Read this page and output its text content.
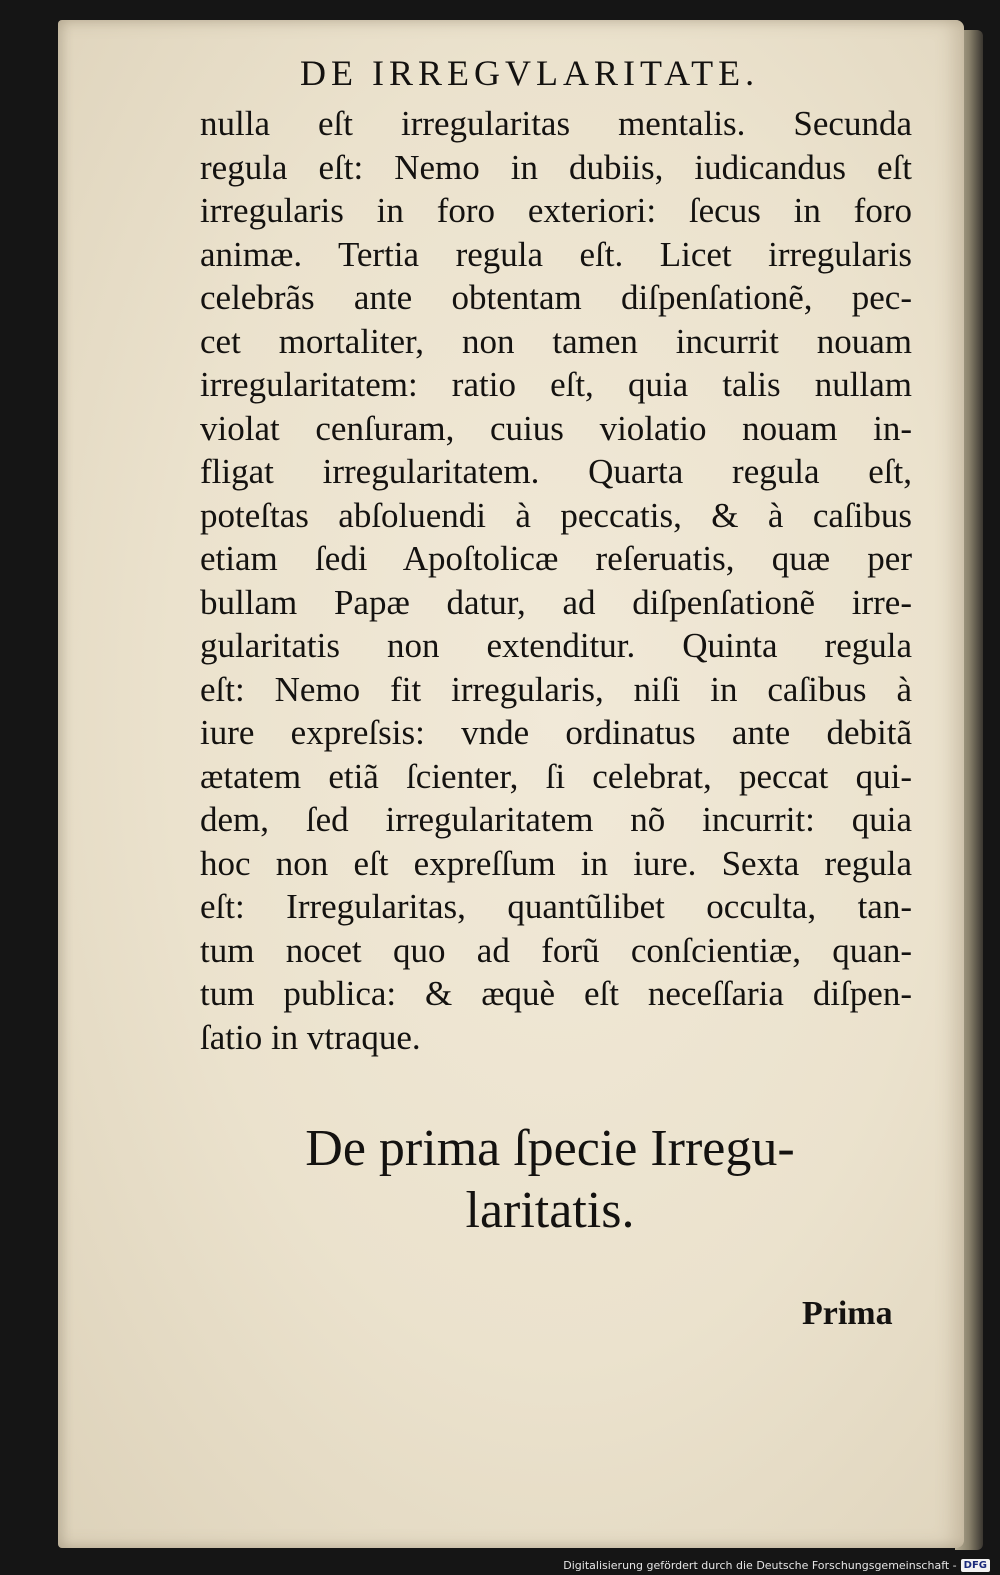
DE IRREGVLARITATE.
nulla eſt irregularitas mentalis. Secunda
regula eſt: Nemo in dubiis, iudicandus eſt
irregularis in foro exteriori: ſecus in foro
animæ. Tertia regula eſt. Licet irregularis
celebrãs ante obtentam diſpenſationẽ, pec-
cet mortaliter, non tamen incurrit nouam
irregularitatem: ratio eſt, quia talis nullam
violat cenſuram, cuius violatio nouam in-
fligat irregularitatem. Quarta regula eſt,
poteſtas abſoluendi à peccatis, & à caſibus
etiam ſedi Apoſtolicæ reſeruatis, quæ per
bullam Papæ datur, ad diſpenſationẽ irre-
gularitatis non extenditur. Quinta regula
eſt: Nemo fit irregularis, niſi in caſibus à
iure expreſsis: vnde ordinatus ante debitã
ætatem etiã ſcienter, ſi celebrat, peccat qui-
dem, ſed irregularitatem nõ incurrit: quia
hoc non eſt expreſſum in iure. Sexta regula
eſt: Irregularitas, quantũlibet occulta, tan-
tum nocet quo ad forũ conſcientiæ, quan-
tum publica: & æquè eſt neceſſaria diſpen-
ſatio in vtraque.
De prima ſpecie Irregu-
laritatis.
Prima
Digitalisierung gefördert durch die Deutsche Forschungsgemeinschaft - DFG
